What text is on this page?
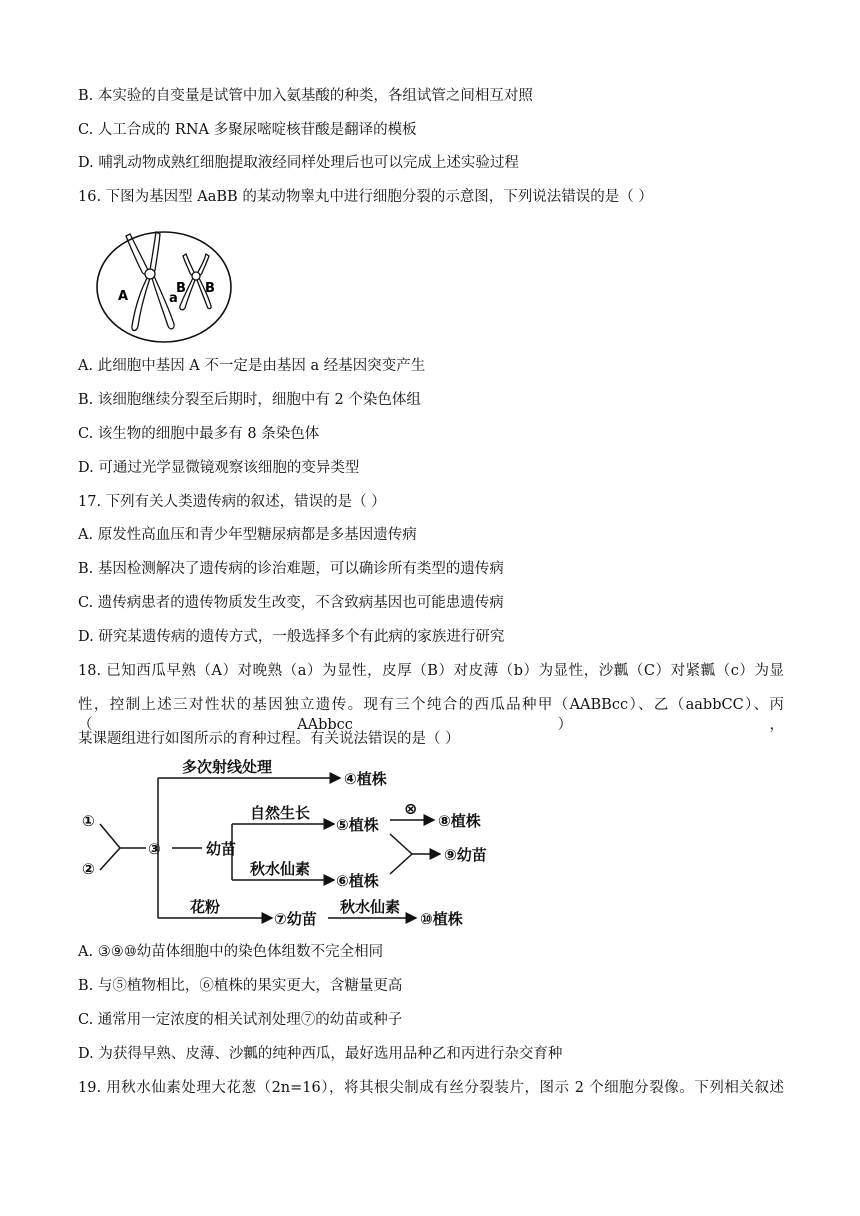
B. 本实验的自变量是试管中加入氨基酸的种类，各组试管之间相互对照
C. 人工合成的 RNA 多聚尿嘧啶核苷酸是翻译的模板
D. 哺乳动物成熟红细胞提取液经同样处理后也可以完成上述实验过程
16. 下图为基因型 AaBB 的某动物睾丸中进行细胞分裂的示意图，下列说法错误的是（ ）
A	a
B B
A. 此细胞中基因 A 不一定是由基因 a 经基因突变产生
B. 该细胞继续分裂至后期时，细胞中有 2 个染色体组
C. 该生物的细胞中最多有 8 条染色体
D. 可通过光学显微镜观察该细胞的变异类型
17. 下列有关人类遗传病的叙述，错误的是（ ）
A. 原发性高血压和青少年型糖尿病都是多基因遗传病
B. 基因检测解决了遗传病的诊治难题，可以确诊所有类型的遗传病
C. 遗传病患者的遗传物质发生改变，不含致病基因也可能患遗传病
D. 研究某遗传病的遗传方式，一般选择多个有此病的家族进行研究
18. 已知西瓜早熟（A）对晚熟（a）为显性，皮厚（B）对皮薄（b）为显性，沙瓤（C）对紧瓤（c）为显
性，控制上述三对性状的基因独立遗传。现有三个纯合的西瓜品种甲（AABBcc）、乙（aabbCC）、丙（AAbbcc），
某课题组进行如图所示的育种过程。有关说法错误的是（ ）
①
②
③
多次射线处理
④植株
幼苗
自然生长
⑤植株
⊗
⑧植株
秋水仙素
⑥植株
⑨幼苗
花粉
⑦幼苗
秋水仙素
⑩植株
A. ③⑨⑩幼苗体细胞中的染色体组数不完全相同
B. 与⑤植物相比，⑥植株的果实更大，含糖量更高
C. 通常用一定浓度的相关试剂处理⑦的幼苗或种子
D. 为获得早熟、皮薄、沙瓤的纯种西瓜，最好选用品种乙和丙进行杂交育种
19. 用秋水仙素处理大花葱（2n=16），将其根尖制成有丝分裂装片，图示 2 个细胞分裂像。下列相关叙述
